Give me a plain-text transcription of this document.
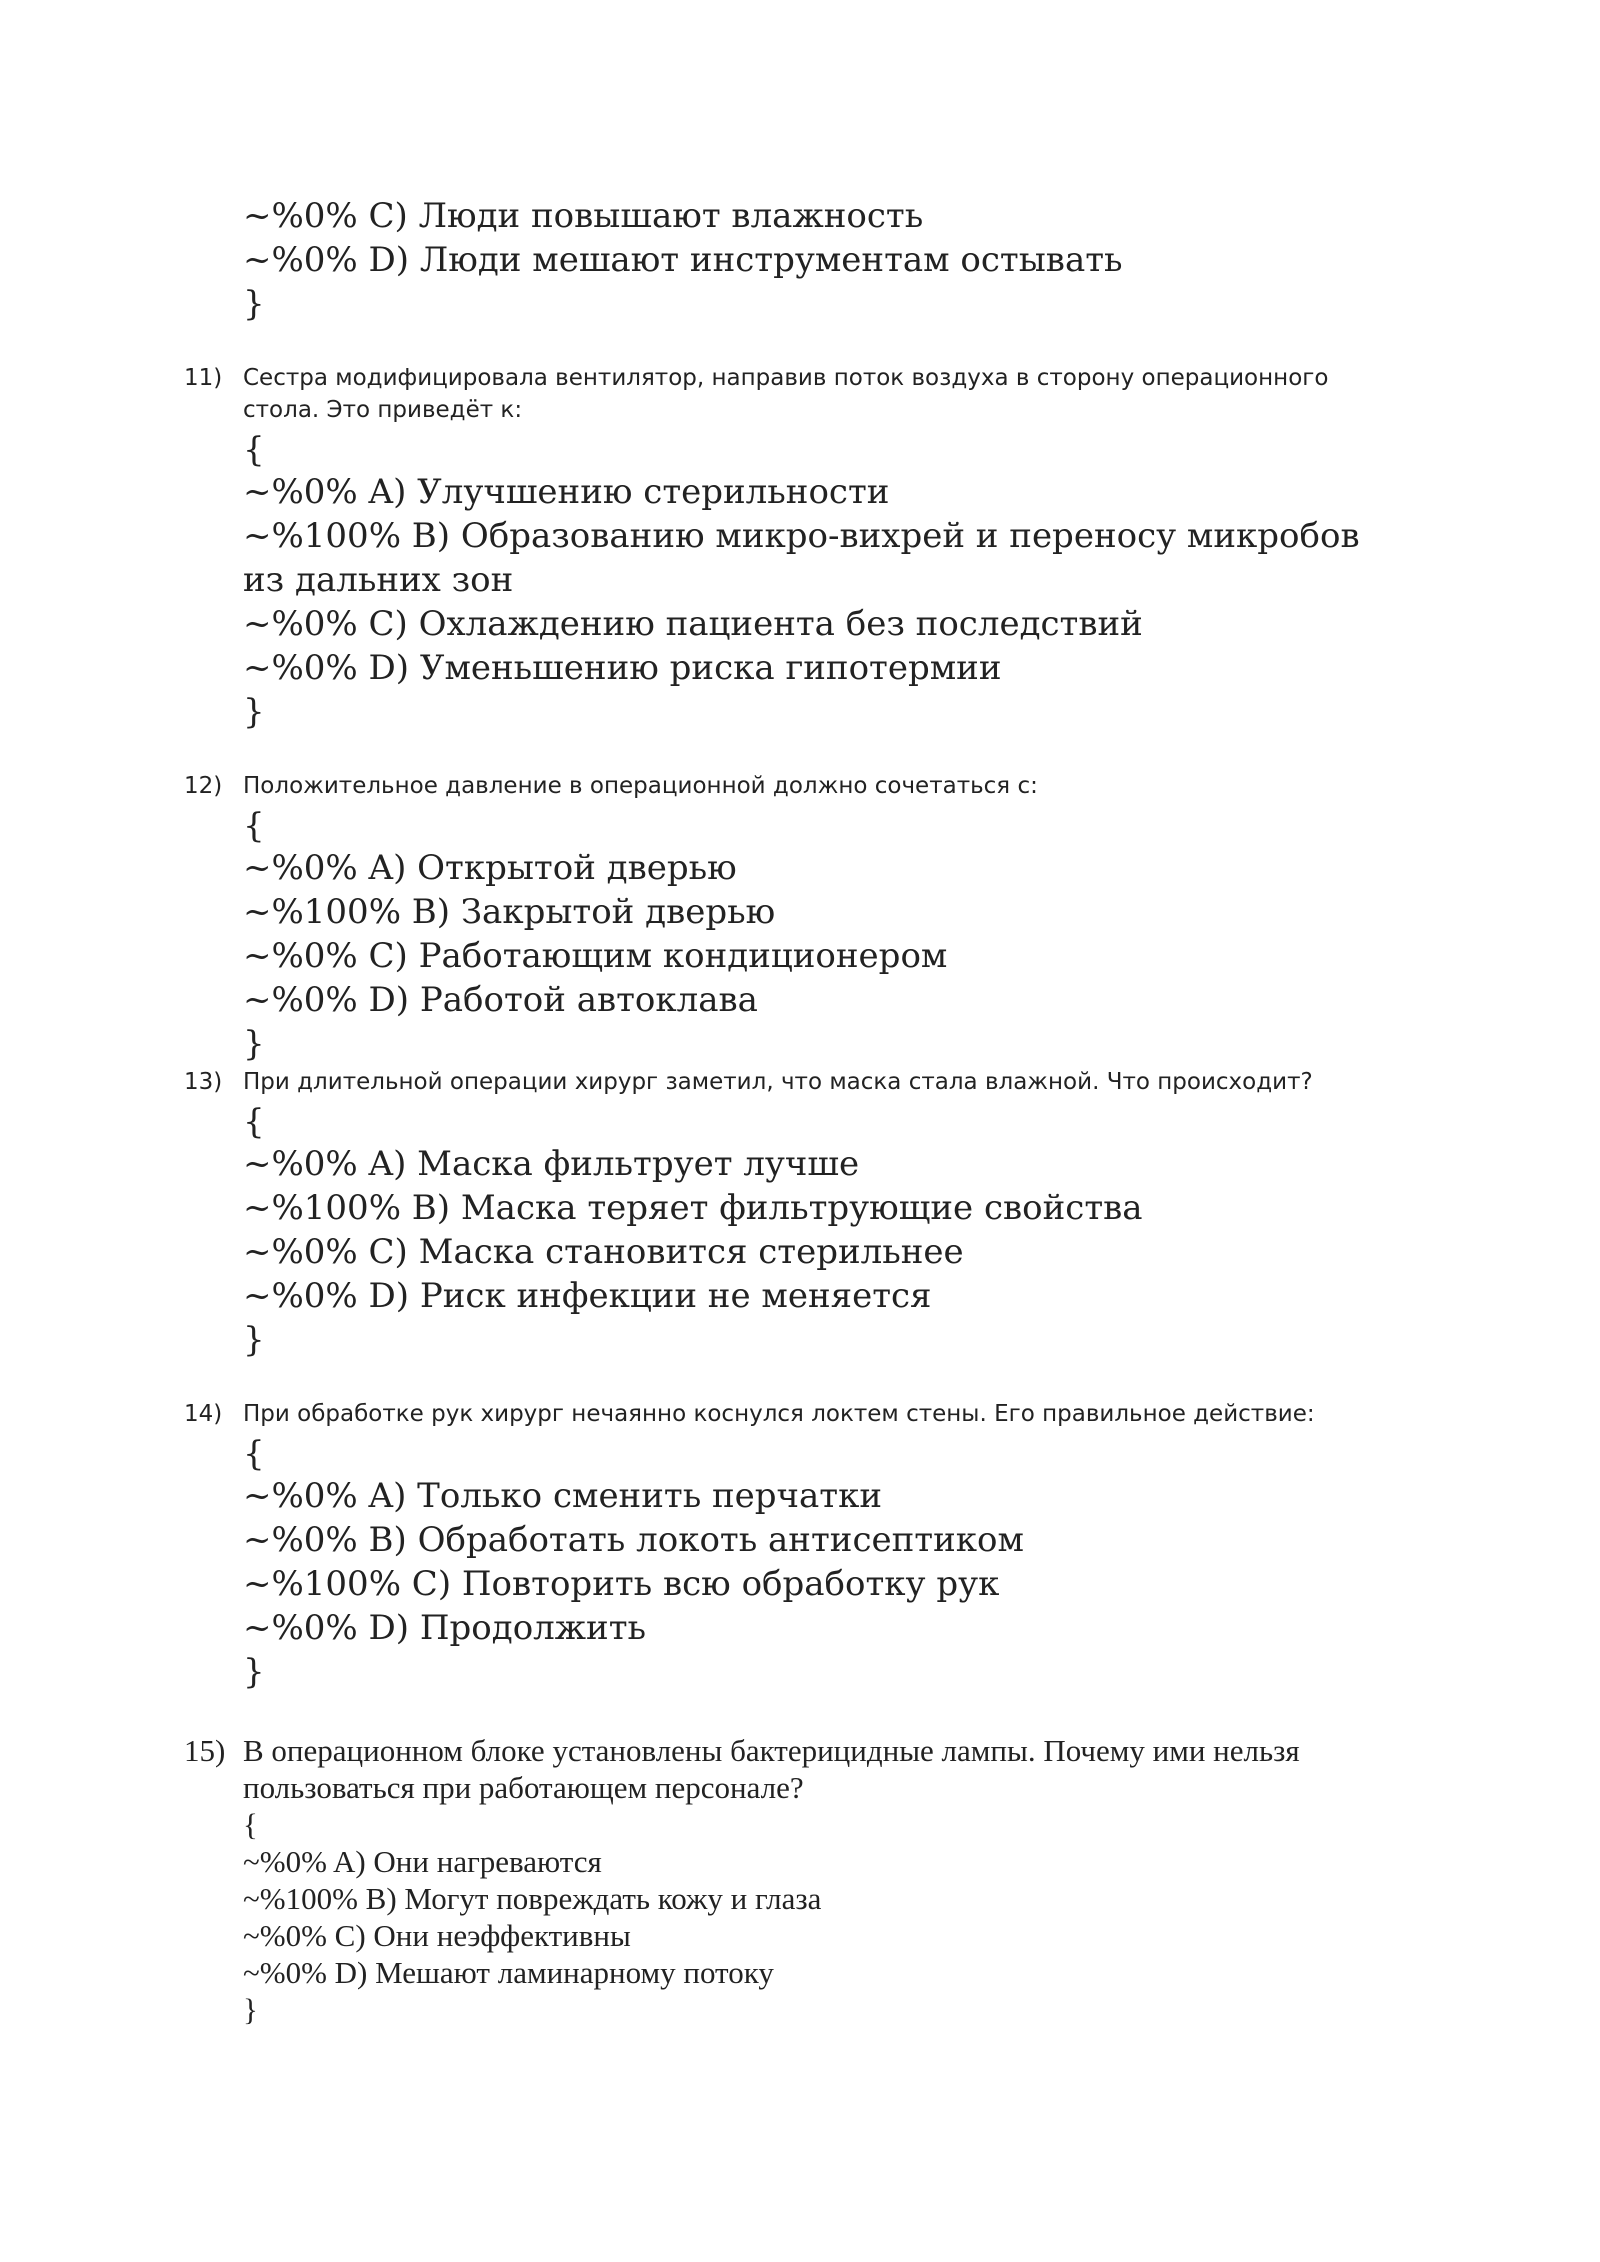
~%0% C) Люди повышают влажность

~%0% D) Люди мешают инструментам остывать

}

11) Сестра модифицировала вентилятор, направив поток воздуха в сторону операционного стола. Это приведёт к:

{

~%0% A) Улучшению стерильности

~%100% B) Образованию микро-вихрей и переносу микробов из дальних зон

~%0% C) Охлаждению пациента без последствий

~%0% D) Уменьшению риска гипотермии

}

12) Положительное давление в операционной должно сочетаться с:

{

~%0% A) Открытой дверью

~%100% B) Закрытой дверью

~%0% C) Работающим кондиционером

~%0% D) Работой автоклава

}

13) При длительной операции хирург заметил, что маска стала влажной. Что происходит?

{

~%0% A) Маска фильтрует лучше

~%100% B) Маска теряет фильтрующие свойства

~%0% C) Маска становится стерильнее

~%0% D) Риск инфекции не меняется

}

14) При обработке рук хирург нечаянно коснулся локтем стены. Его правильное действие:

{

~%0% A) Только сменить перчатки

~%0% B) Обработать локоть антисептиком

~%100% C) Повторить всю обработку рук

~%0% D) Продолжить

}

15) В операционном блоке установлены бактерицидные лампы. Почему ими нельзя пользоваться при работающем персонале?

{

~%0% A) Они нагреваются

~%100% B) Могут повреждать кожу и глаза

~%0% C) Они неэффективны

~%0% D) Мешают ламинарному потоку

}
